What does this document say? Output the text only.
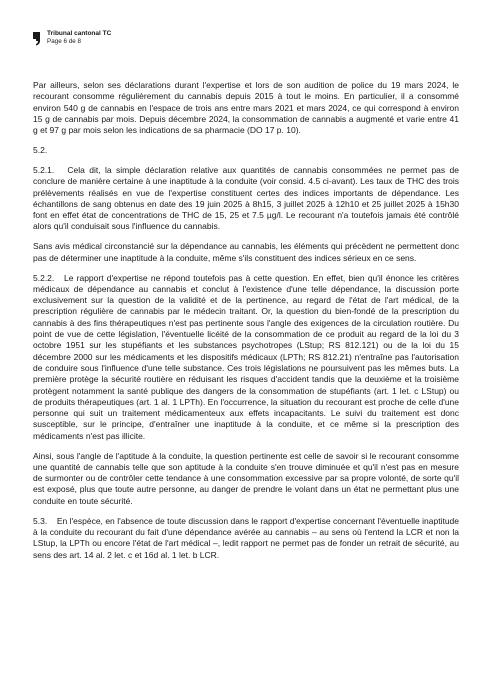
Tribunal cantonal TC
Page 6 de 8

Par ailleurs, selon ses déclarations durant l'expertise et lors de son audition de police du 19 mars 2024, le recourant consomme régulièrement du cannabis depuis 2015 à tout le moins. En particulier, il a consommé environ 540 g de cannabis en l'espace de trois ans entre mars 2021 et mars 2024, ce qui correspond à environ 15 g de cannabis par mois. Depuis décembre 2024, la consommation de cannabis a augmenté et varie entre 41 g et 97 g par mois selon les indications de sa pharmacie (DO 17 p. 10).

5.2.

5.2.1.   Cela dit, la simple déclaration relative aux quantités de cannabis consommées ne permet pas de conclure de manière certaine à une inaptitude à la conduite (voir consid. 4.5 ci-avant). Les taux de THC des trois prélèvements réalisés en vue de l'expertise constituent certes des indices importants de dépendance. Les échantillons de sang obtenus en date des 19 juin 2025 à 8h15, 3 juillet 2025 à 12h10 et 25 juillet 2025 à 15h30 font en effet état de concentrations de THC de 15, 25 et 7.5 µg/l. Le recourant n'a toutefois jamais été contrôlé alors qu'il conduisait sous l'influence du cannabis.

Sans avis médical circonstancié sur la dépendance au cannabis, les éléments qui précèdent ne permettent donc pas de déterminer une inaptitude à la conduite, même s'ils constituent des indices sérieux en ce sens.

5.2.2.   Le rapport d'expertise ne répond toutefois pas à cette question. En effet, bien qu'il énonce les critères médicaux de dépendance au cannabis et conclut à l'existence d'une telle dépendance, la discussion porte exclusivement sur la question de la validité et de la pertinence, au regard de l'état de l'art médical, de la prescription régulière de cannabis par le médecin traitant. Or, la question du bien-fondé de la prescription du cannabis à des fins thérapeutiques n'est pas pertinente sous l'angle des exigences de la circulation routière. Du point de vue de cette législation, l'éventuelle licéité de la consommation de ce produit au regard de la loi du 3 octobre 1951 sur les stupéfiants et les substances psychotropes (LStup; RS 812.121) ou de la loi du 15 décembre 2000 sur les médicaments et les dispositifs médicaux (LPTh; RS 812.21) n'entraîne pas l'autorisation de conduire sous l'influence d'une telle substance. Ces trois législations ne poursuivent pas les mêmes buts. La première protège la sécurité routière en réduisant les risques d'accident tandis que la deuxième et la troisième protègent notamment la santé publique des dangers de la consommation de stupéfiants (art. 1 let. c LStup) ou de produits thérapeutiques (art. 1 al. 1 LPTh). En l'occurrence, la situation du recourant est proche de celle d'une personne qui suit un traitement médicamenteux aux effets incapacitants. Le suivi du traitement est donc susceptible, sur le principe, d'entraîner une inaptitude à la conduite, et ce même si la prescription des médicaments n'est pas illicite.

Ainsi, sous l'angle de l'aptitude à la conduite, la question pertinente est celle de savoir si le recourant consomme une quantité de cannabis telle que son aptitude à la conduite s'en trouve diminuée et qu'il n'est pas en mesure de surmonter ou de contrôler cette tendance à une consommation excessive par sa propre volonté, de sorte qu'il est exposé, plus que toute autre personne, au danger de prendre le volant dans un état ne permettant plus une conduite en toute sécurité.

5.3.    En l'espèce, en l'absence de toute discussion dans le rapport d'expertise concernant l'éventuelle inaptitude à la conduite du recourant du fait d'une dépendance avérée au cannabis – au sens où l'entend la LCR et non la LStup, la LPTh ou encore l'état de l'art médical –, ledit rapport ne permet pas de fonder un retrait de sécurité, au sens des art. 14 al. 2 let. c et 16d al. 1 let. b LCR.
